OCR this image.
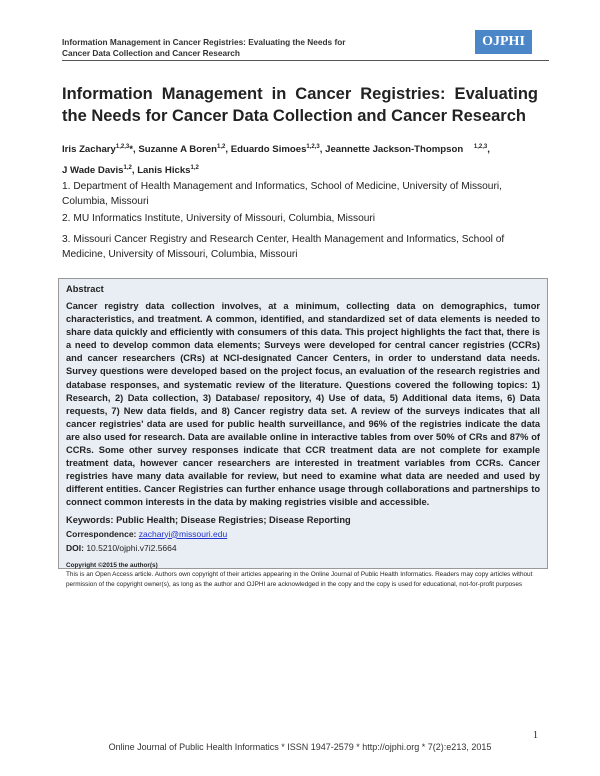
Information Management in Cancer Registries: Evaluating the Needs for
Cancer Data Collection and Cancer Research
OJPHI
Information Management in Cancer Registries: Evaluating the Needs for Cancer Data Collection and Cancer Research
Iris Zachary$^{1,2,3}$*, Suzanne A Boren$^{1,2}$, Eduardo Simoes$^{1,2,3}$, Jeannette Jackson-Thompson $^{1,2,3}$,
J Wade Davis$^{1,2}$, Lanis Hicks$^{1,2}$
1. Department of Health Management and Informatics, School of Medicine, University of Missouri, Columbia, Missouri
2. MU Informatics Institute, University of Missouri, Columbia, Missouri
3. Missouri Cancer Registry and Research Center, Health Management and Informatics, School of Medicine, University of Missouri, Columbia, Missouri
Abstract

Cancer registry data collection involves, at a minimum, collecting data on demographics, tumor characteristics, and treatment. A common, identified, and standardized set of data elements is needed to share data quickly and efficiently with consumers of this data. This project highlights the fact that, there is a need to develop common data elements; Surveys were developed for central cancer registries (CCRs) and cancer researchers (CRs) at NCI-designated Cancer Centers, in order to understand data needs. Survey questions were developed based on the project focus, an evaluation of the research registries and database responses, and systematic review of the literature. Questions covered the following topics: 1) Research, 2) Data collection, 3) Database/ repository, 4) Use of data, 5) Additional data items, 6) Data requests, 7) New data fields, and 8) Cancer registry data set. A review of the surveys indicates that all cancer registries' data are used for public health surveillance, and 96% of the registries indicate the data are also used for research. Data are available online in interactive tables from over 50% of CRs and 87% of CCRs. Some other survey responses indicate that CCR treatment data are not complete for example treatment data, however cancer researchers are interested in treatment variables from CCRs. Cancer registries have many data available for review, but need to examine what data are needed and used by different entities. Cancer Registries can further enhance usage through collaborations and partnerships to connect common interests in the data by making registries visible and accessible.

Keywords: Public Health; Disease Registries; Disease Reporting
Correspondence: zacharyi@missouri.edu
DOI: 10.5210/ojphi.v7i2.5664
Copyright ©2015 the author(s)
This is an Open Access article. Authors own copyright of their articles appearing in the Online Journal of Public Health Informatics. Readers may copy articles without permission of the copyright owner(s), as long as the author and OJPHI are acknowledged in the copy and the copy is used for educational, not-for-profit purposes
1
Online Journal of Public Health Informatics * ISSN 1947-2579 * http://ojphi.org * 7(2):e213, 2015
